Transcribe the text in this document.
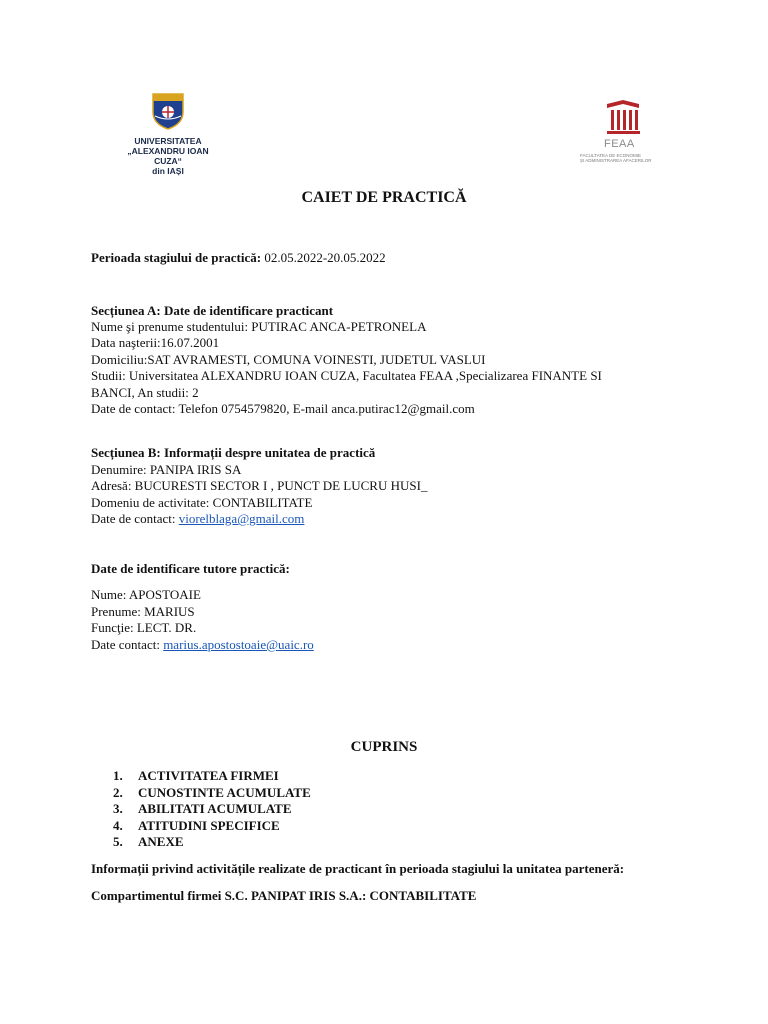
UNIVERSITATEA
„ALEXANDRU IOAN CUZA“
din IAȘI
FEAA
FACULTATEA DE ECONOMIE
ȘI ADMINISTRAREA AFACERILOR
CAIET DE PRACTICĂ
Perioada stagiului de practică: 02.05.2022-20.05.2022
Secțiunea A: Date de identificare practicant
Nume şi prenume studentului: PUTIRAC ANCA-PETRONELA
Data naşterii:16.07.2001
Domiciliu:SAT AVRAMESTI, COMUNA VOINESTI, JUDETUL VASLUI
Studii: Universitatea ALEXANDRU IOAN CUZA, Facultatea FEAA ,Specializarea FINANTE SI
BANCI, An studii: 2
Date de contact: Telefon 0754579820, E-mail anca.putirac12@gmail.com
Secțiunea B: Informații despre unitatea de practică
Denumire: PANIPA IRIS SA
Adresă: BUCURESTI SECTOR I , PUNCT DE LUCRU HUSI_
Domeniu de activitate: CONTABILITATE
Date de contact: viorelblaga@gmail.com
Date de identificare tutore practică:
Nume: APOSTOAIE
Prenume: MARIUS
Funcţie: LECT. DR.
Date contact: marius.apostostoaie@uaic.ro
CUPRINS
1. ACTIVITATEA FIRMEI
2. CUNOSTINTE ACUMULATE
3. ABILITATI ACUMULATE
4. ATITUDINI SPECIFICE
5. ANEXE
Informații privind activitățile realizate de practicant în perioada stagiului la unitatea parteneră:
Compartimentul firmei S.C. PANIPAT IRIS S.A.: CONTABILITATE
